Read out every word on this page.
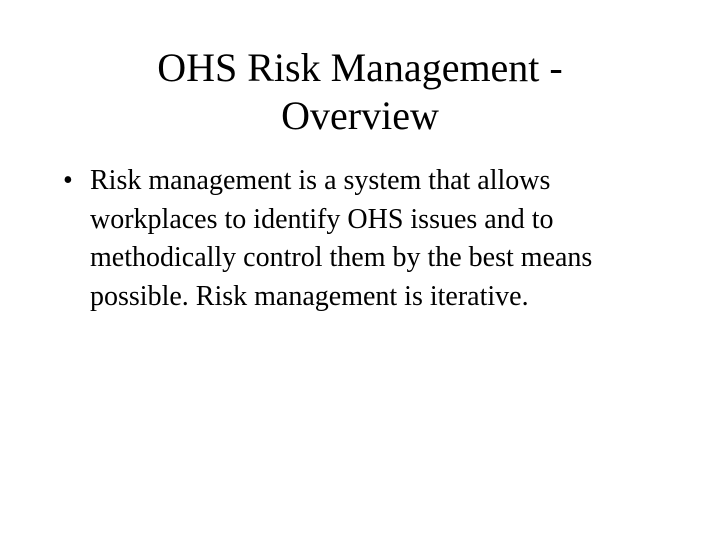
OHS Risk Management - Overview
• Risk management is a system that allows workplaces to identify OHS issues and to methodically control them by the best means possible. Risk management is iterative.
